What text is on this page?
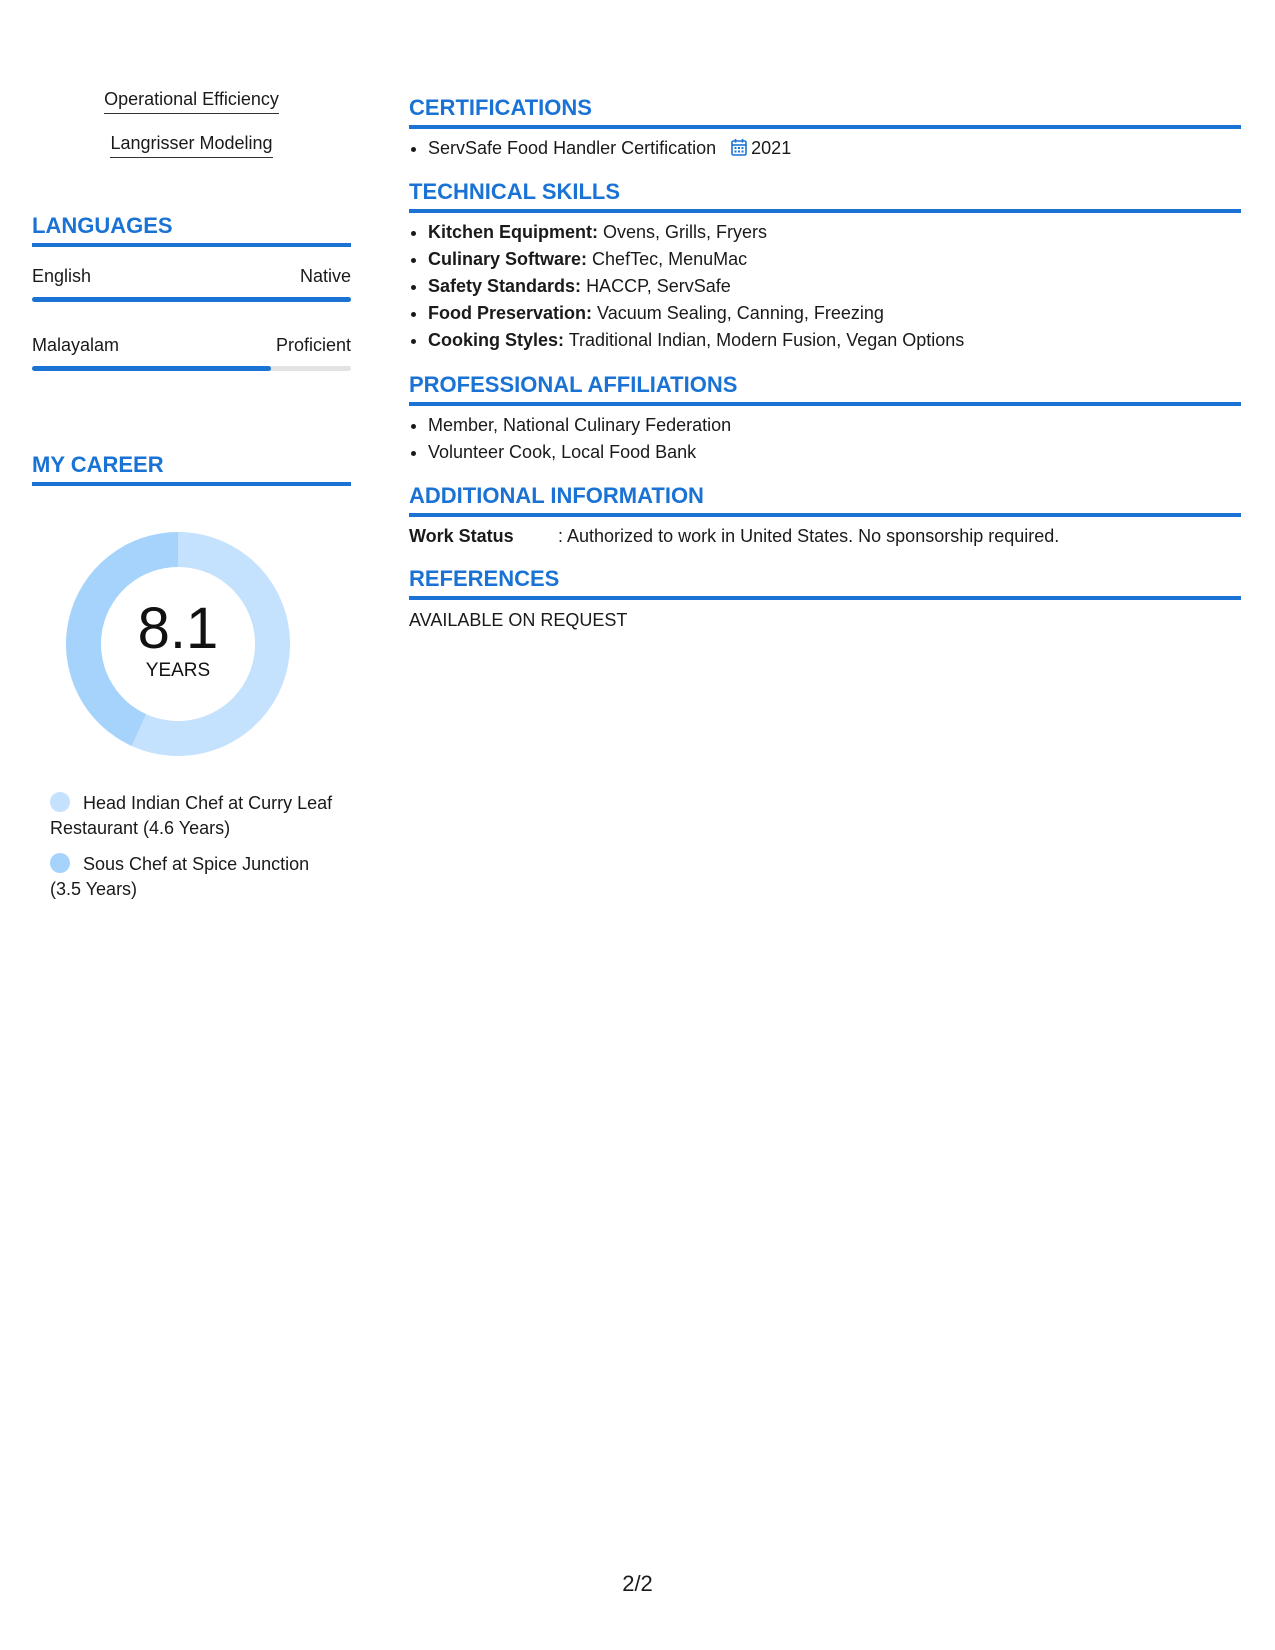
Operational Efficiency
Langrisser Modeling
LANGUAGES
English	Native
Malayalam	Proficient
MY CAREER
8.1
YEARS
Head Indian Chef at Curry Leaf Restaurant (4.6 Years)
Sous Chef at Spice Junction (3.5 Years)
CERTIFICATIONS
• ServSafe Food Handler Certification 2021
TECHNICAL SKILLS
• Kitchen Equipment: Ovens, Grills, Fryers
• Culinary Software: ChefTec, MenuMac
• Safety Standards: HACCP, ServSafe
• Food Preservation: Vacuum Sealing, Canning, Freezing
• Cooking Styles: Traditional Indian, Modern Fusion, Vegan Options
PROFESSIONAL AFFILIATIONS
• Member, National Culinary Federation
• Volunteer Cook, Local Food Bank
ADDITIONAL INFORMATION
Work Status : Authorized to work in United States. No sponsorship required.
REFERENCES
AVAILABLE ON REQUEST
2/2
